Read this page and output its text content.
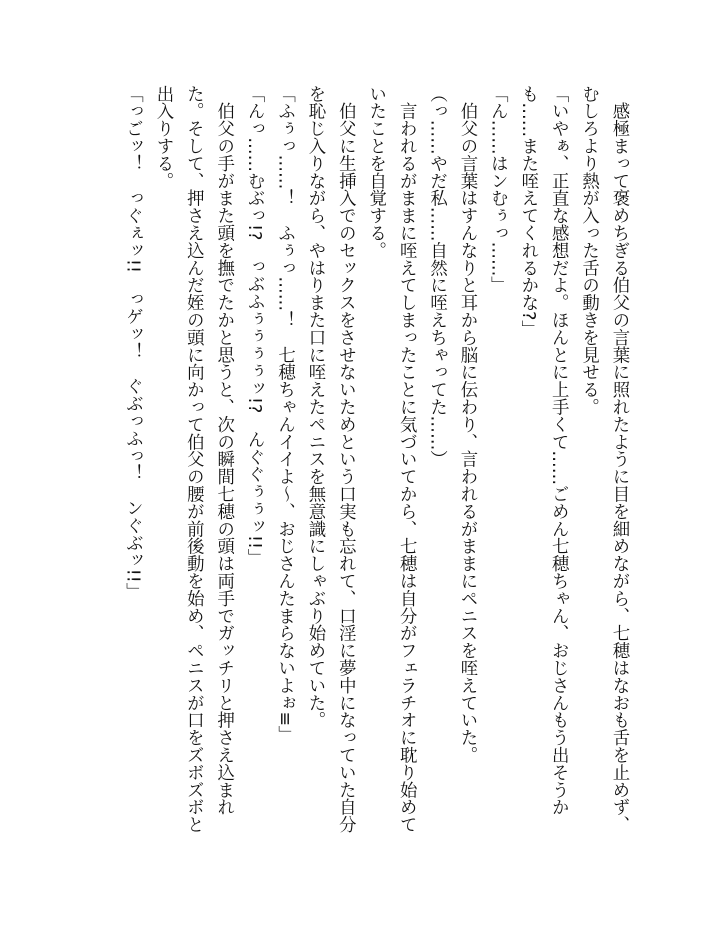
　感極まって褒めちぎる伯父の言葉に照れたように目を細めながら、七穂はなおも舌を止めず、
むしろより熱が入った舌の動きを見せる。
「いやぁ、正直な感想だよ。ほんとに上手くて……ごめん七穂ちゃん、おじさんもう出そうか
も……また咥えてくれるかな?」
「ん……はンむぅっ……」
　伯父の言葉はすんなりと耳から脳に伝わり、言われるがままにペニスを咥えていた。
（っ……やだ私……自然に咥えちゃってた……）
　言われるがままに咥えてしまったことに気づいてから、七穂は自分がフェラチオに耽り始めて
いたことを自覚する。
　伯父に生挿入でのセックスをさせないためという口実も忘れて、口淫に夢中になっていた自分
を恥じ入りながら、やはりまた口に咥えたペニスを無意識にしゃぶり始めていた。
「ふぅっ……！　ふぅっ……！　七穂ちゃんイイよ～、おじさんたまらないよぉ≡」
「んっ……むぶっ!?　っぶふぅぅぅぅッ!?　んぐぐぅぅッ!!」
　伯父の手がまた頭を撫でたかと思うと、次の瞬間七穂の頭は両手でガッチリと押さえ込まれ
た。そして、押さえ込んだ姪の頭に向かって伯父の腰が前後動を始め、ペニスが口をズボズボと
出入りする。
「っごッ！　っぐぇッ!!　っゲッ！　ぐぶっふっ！　ンぐぶッ!!」
